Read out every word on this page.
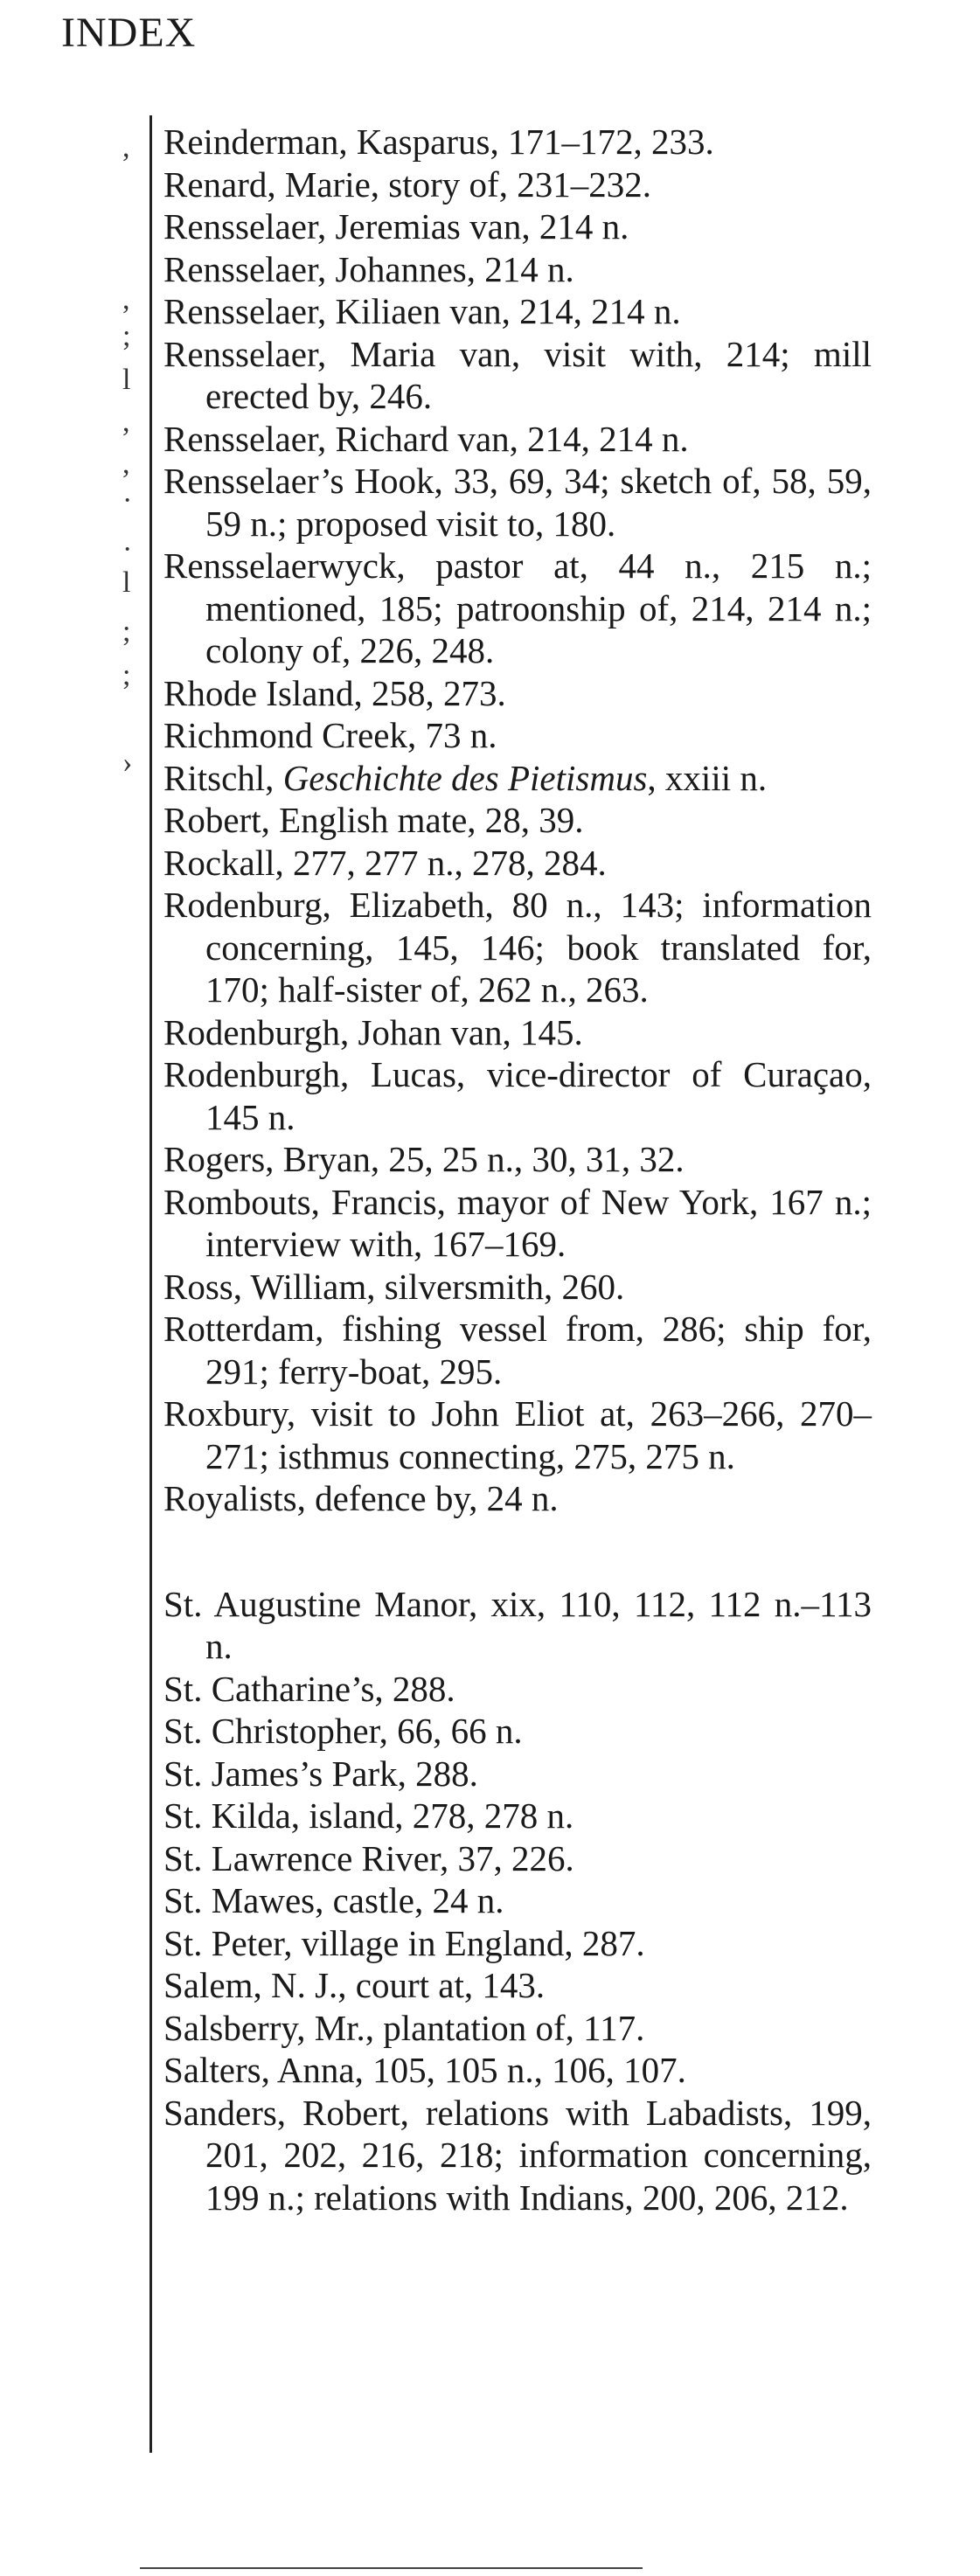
INDEX
,
,
;
l
,
·
,
·
l
;
;
›
Reinderman, Kasparus, 171–172, 233.
Renard, Marie, story of, 231–232.
Rensselaer, Jeremias van, 214 n.
Rensselaer, Johannes, 214 n.
Rensselaer, Kiliaen van, 214, 214 n.
Rensselaer, Maria van, visit with, 214; mill erected by, 246.
Rensselaer, Richard van, 214, 214 n.
Rensselaer’s Hook, 33, 69, 34; sketch of, 58, 59, 59 n.; proposed visit to, 180.
Rensselaerwyck, pastor at, 44 n., 215 n.; mentioned, 185; patroonship of, 214, 214 n.; colony of, 226, 248.
Rhode Island, 258, 273.
Richmond Creek, 73 n.
Ritschl, Geschichte des Pietismus, xxiii n.
Robert, English mate, 28, 39.
Rockall, 277, 277 n., 278, 284.
Rodenburg, Elizabeth, 80 n., 143; information concerning, 145, 146; book translated for, 170; half-sister of, 262 n., 263.
Rodenburgh, Johan van, 145.
Rodenburgh, Lucas, vice-director of Curaçao, 145 n.
Rogers, Bryan, 25, 25 n., 30, 31, 32.
Rombouts, Francis, mayor of New York, 167 n.; interview with, 167–169.
Ross, William, silversmith, 260.
Rotterdam, fishing vessel from, 286; ship for, 291; ferry-boat, 295.
Roxbury, visit to John Eliot at, 263–266, 270–271; isthmus connecting, 275, 275 n.
Royalists, defence by, 24 n.
St. Augustine Manor, xix, 110, 112, 112 n.–113 n.
St. Catharine’s, 288.
St. Christopher, 66, 66 n.
St. James’s Park, 288.
St. Kilda, island, 278, 278 n.
St. Lawrence River, 37, 226.
St. Mawes, castle, 24 n.
St. Peter, village in England, 287.
Salem, N. J., court at, 143.
Salsberry, Mr., plantation of, 117.
Salters, Anna, 105, 105 n., 106, 107.
Sanders, Robert, relations with Labadists, 199, 201, 202, 216, 218; information concerning, 199 n.; relations with Indians, 200, 206, 212.
